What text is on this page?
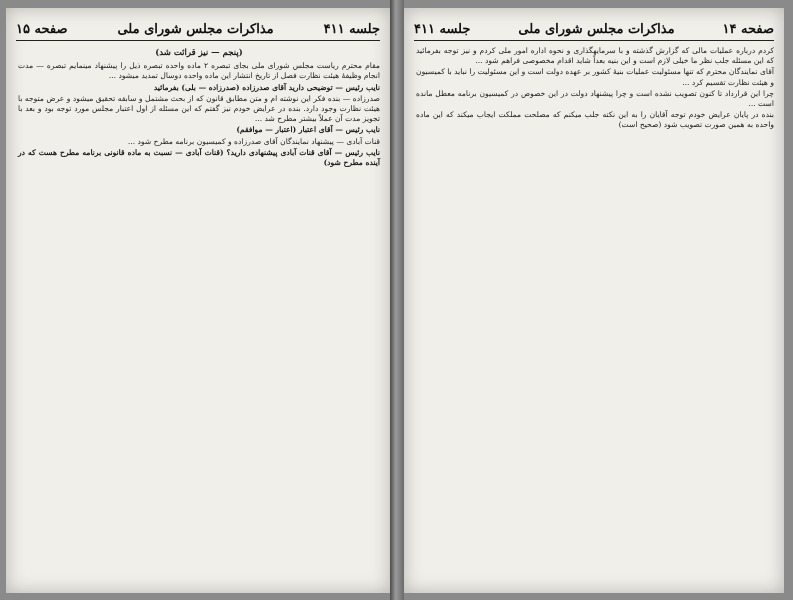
جلسه ۴۱۱
مذاکرات مجلس شورای ملی
صفحه ۱۵
(پنجم — نیز قرائت شد)

مقام محترم ریاست مجلس شورای ملی بجای تبصره ۲ ماده واحده تبصره ذیل را پیشنهاد مینمایم تبصره — مدت انجام وظیفهٔ هیئت نظارت فصل از تاریخ انتشار این ماده واحده دوسال تمدید میشود ...

نایب رئیس — توضیحی دارید آقای صدرزاده (صدرزاده — بلی) بفرمائید

صدرزاده — بنده فکر این نوشته ام و متن مطابق قانون که از بحث مشتمل و سابقه تحقیق میشود و عرض متوجه با هیئت نظارت وجود دارد. بنده در عرایض خودم نیز گفتم که این مسئله از اول اعتبار مجلس مورد توجه بود و بعد با تجویز مدت آن عملاً بیشتر مطرح شد ...

نایب رئیس — آقای اعتبار (اعتبار — موافقم)

قنات آبادی — پیشنهاد نمایندگان آقای صدرزاده و کمیسیون برنامه مطرح شود ...

نایب رئیس — آقای قنات آبادی پیشنهادی دارید؟ (قنات آبادی — نسبت به ماده قانونی برنامه مطرح هست که در آینده مطرح شود)

صفحه ۱۴
مذاکرات مجلس شورای ملی
جلسه ۴۱۱

کردم درباره عملیات مالی که گزارش گذشته و با سرمایهگذاری و نحوه اداره امور ملی کردم و نیز توجه بفرمائید که این مسئله جلب نظر ما خیلی لازم است و این بنیه بعداً شاید اقدام مخصوصی فراهم شود ...

آقای نمایندگان محترم که تنها مسئولیت عملیات بنیهٔ کشور بر عهده دولت است و این مسئولیت را نباید با کمیسیون و هیئت نظارت تقسیم کرد ...

چرا این قرارداد تا کنون تصویب نشده است و چرا پیشنهاد دولت در این خصوص در کمیسیون برنامه معطل مانده است ...

بنده در پایان عرایض خودم توجه آقایان را به این نکته جلب میکنم که مصلحت مملکت ایجاب میکند که این ماده واحده به همین صورت تصویب شود (صحیح است)
